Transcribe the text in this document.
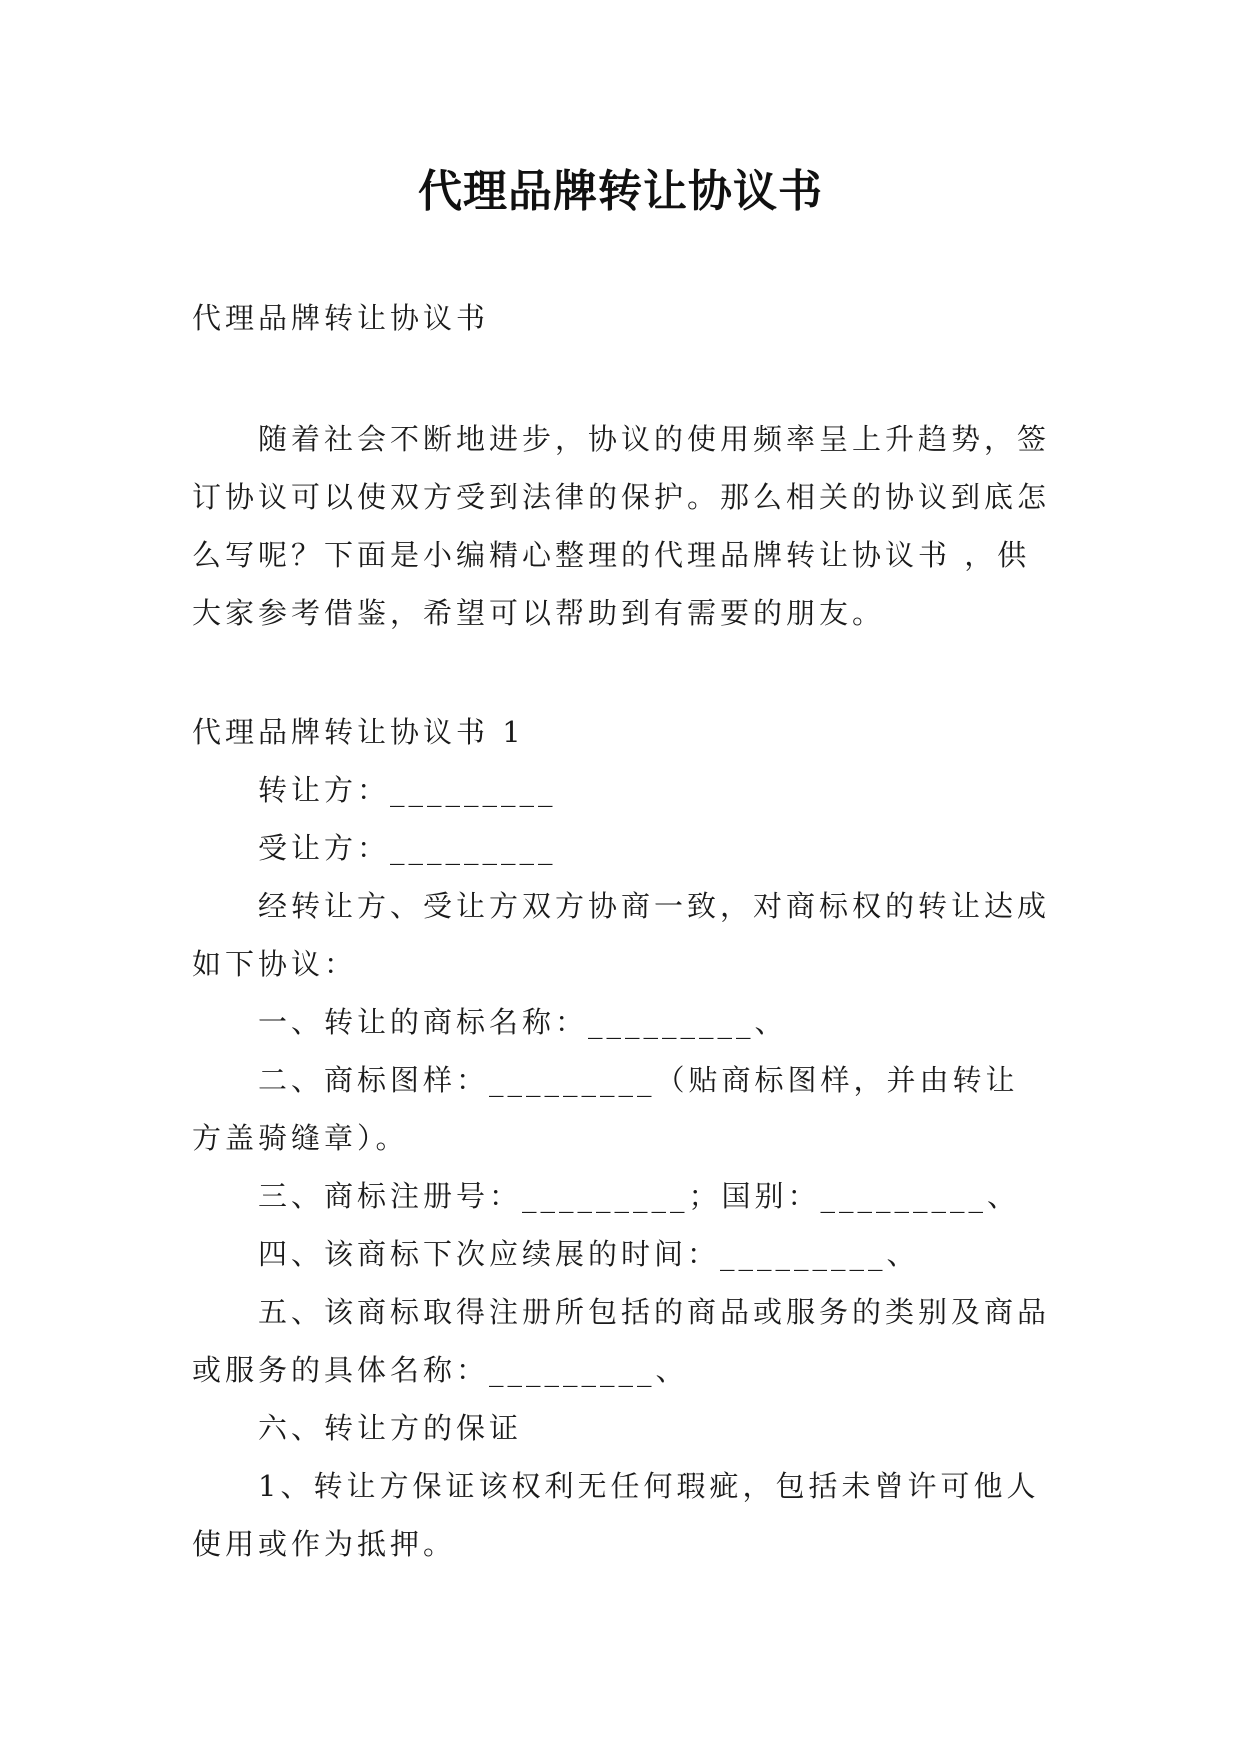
代理品牌转让协议书
代理品牌转让协议书

随着社会不断地进步，协议的使用频率呈上升趋势，签订协议可以使双方受到法律的保护。那么相关的协议到底怎么写呢？下面是小编精心整理的代理品牌转让协议书 ，供大家参考借鉴，希望可以帮助到有需要的朋友。

代理品牌转让协议书 1

转让方：_________

受让方：_________

经转让方、受让方双方协商一致，对商标权的转让达成如下协议：

一、转让的商标名称：_________、

二、商标图样：_________（贴商标图样，并由转让方盖骑缝章）。

三、商标注册号：_________；国别：_________、

四、该商标下次应续展的时间：_________、

五、该商标取得注册所包括的商品或服务的类别及商品或服务的具体名称：_________、

六、转让方的保证

1、转让方保证该权利无任何瑕疵，包括未曾许可他人使用或作为抵押。
